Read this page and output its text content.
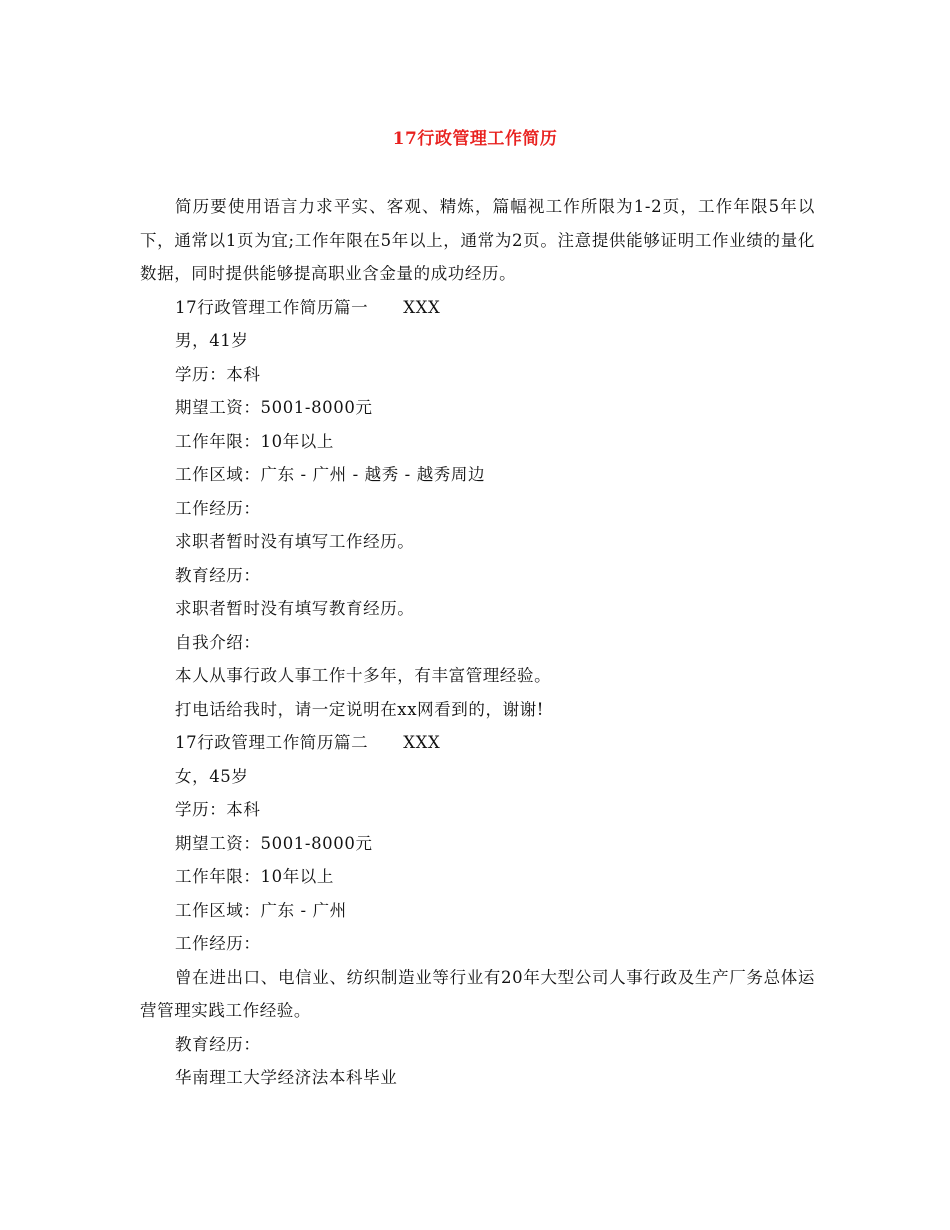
17行政管理工作简历

简历要使用语言力求平实、客观、精炼，篇幅视工作所限为1-2页，工作年限5年以下，通常以1页为宜;工作年限在5年以上，通常为2页。注意提供能够证明工作业绩的量化数据，同时提供能够提高职业含金量的成功经历。

17行政管理工作简历篇一      XXX

男，41岁

学历：本科

期望工资：5001-8000元

工作年限：10年以上

工作区域：广东 - 广州 - 越秀 - 越秀周边

工作经历：

求职者暂时没有填写工作经历。

教育经历：

求职者暂时没有填写教育经历。

自我介绍：

本人从事行政人事工作十多年，有丰富管理经验。

打电话给我时，请一定说明在xx网看到的，谢谢!

17行政管理工作简历篇二      XXX

女，45岁

学历：本科

期望工资：5001-8000元

工作年限：10年以上

工作区域：广东 - 广州

工作经历：

曾在进出口、电信业、纺织制造业等行业有20年大型公司人事行政及生产厂务总体运营管理实践工作经验。

教育经历：

华南理工大学经济法本科毕业
